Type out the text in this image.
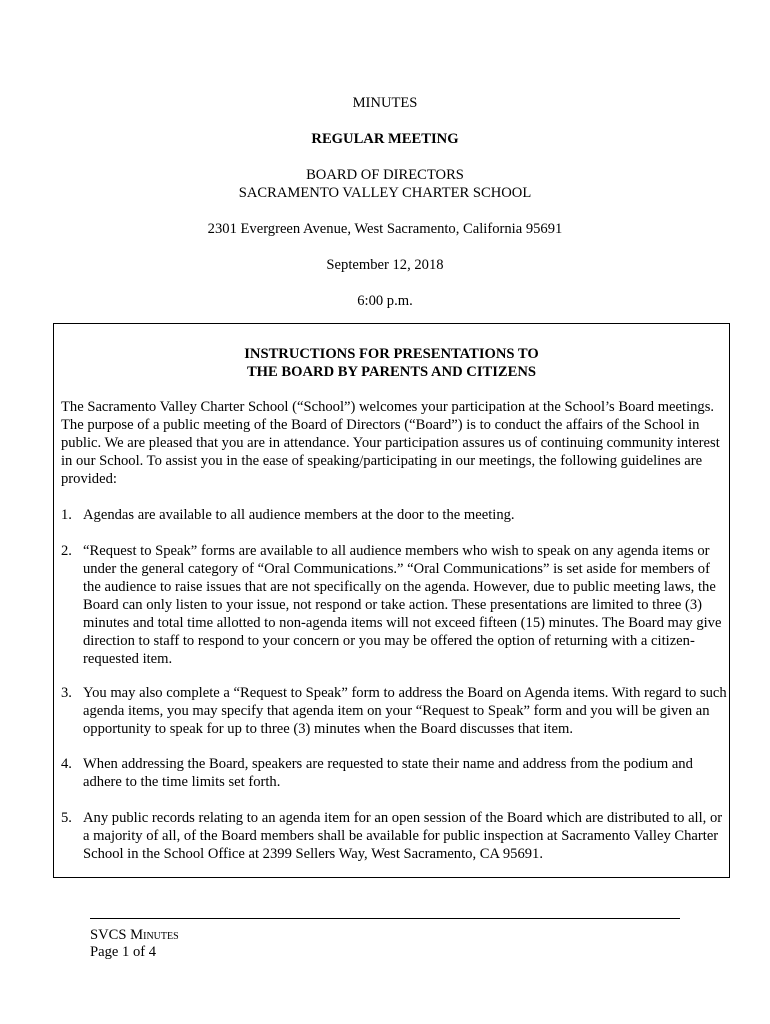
MINUTES
REGULAR MEETING
BOARD OF DIRECTORS
SACRAMENTO VALLEY CHARTER SCHOOL
2301 Evergreen Avenue, West Sacramento, California 95691
September 12, 2018
6:00 p.m.
INSTRUCTIONS FOR PRESENTATIONS TO
THE BOARD BY PARENTS AND CITIZENS

The Sacramento Valley Charter School (“School”) welcomes your participation at the School’s Board meetings. The purpose of a public meeting of the Board of Directors (“Board”) is to conduct the affairs of the School in public. We are pleased that you are in attendance. Your participation assures us of continuing community interest in our School. To assist you in the ease of speaking/participating in our meetings, the following guidelines are provided:

1. Agendas are available to all audience members at the door to the meeting.
2. “Request to Speak” forms are available to all audience members who wish to speak on any agenda items or under the general category of “Oral Communications.” “Oral Communications” is set aside for members of the audience to raise issues that are not specifically on the agenda. However, due to public meeting laws, the Board can only listen to your issue, not respond or take action. These presentations are limited to three (3) minutes and total time allotted to non-agenda items will not exceed fifteen (15) minutes. The Board may give direction to staff to respond to your concern or you may be offered the option of returning with a citizen-requested item.
3. You may also complete a “Request to Speak” form to address the Board on Agenda items. With regard to such agenda items, you may specify that agenda item on your “Request to Speak” form and you will be given an opportunity to speak for up to three (3) minutes when the Board discusses that item.
4. When addressing the Board, speakers are requested to state their name and address from the podium and adhere to the time limits set forth.
5. Any public records relating to an agenda item for an open session of the Board which are distributed to all, or a majority of all, of the Board members shall be available for public inspection at Sacramento Valley Charter School in the School Office at 2399 Sellers Way, West Sacramento, CA 95691.
SVCS Minutes
Page 1 of 4
